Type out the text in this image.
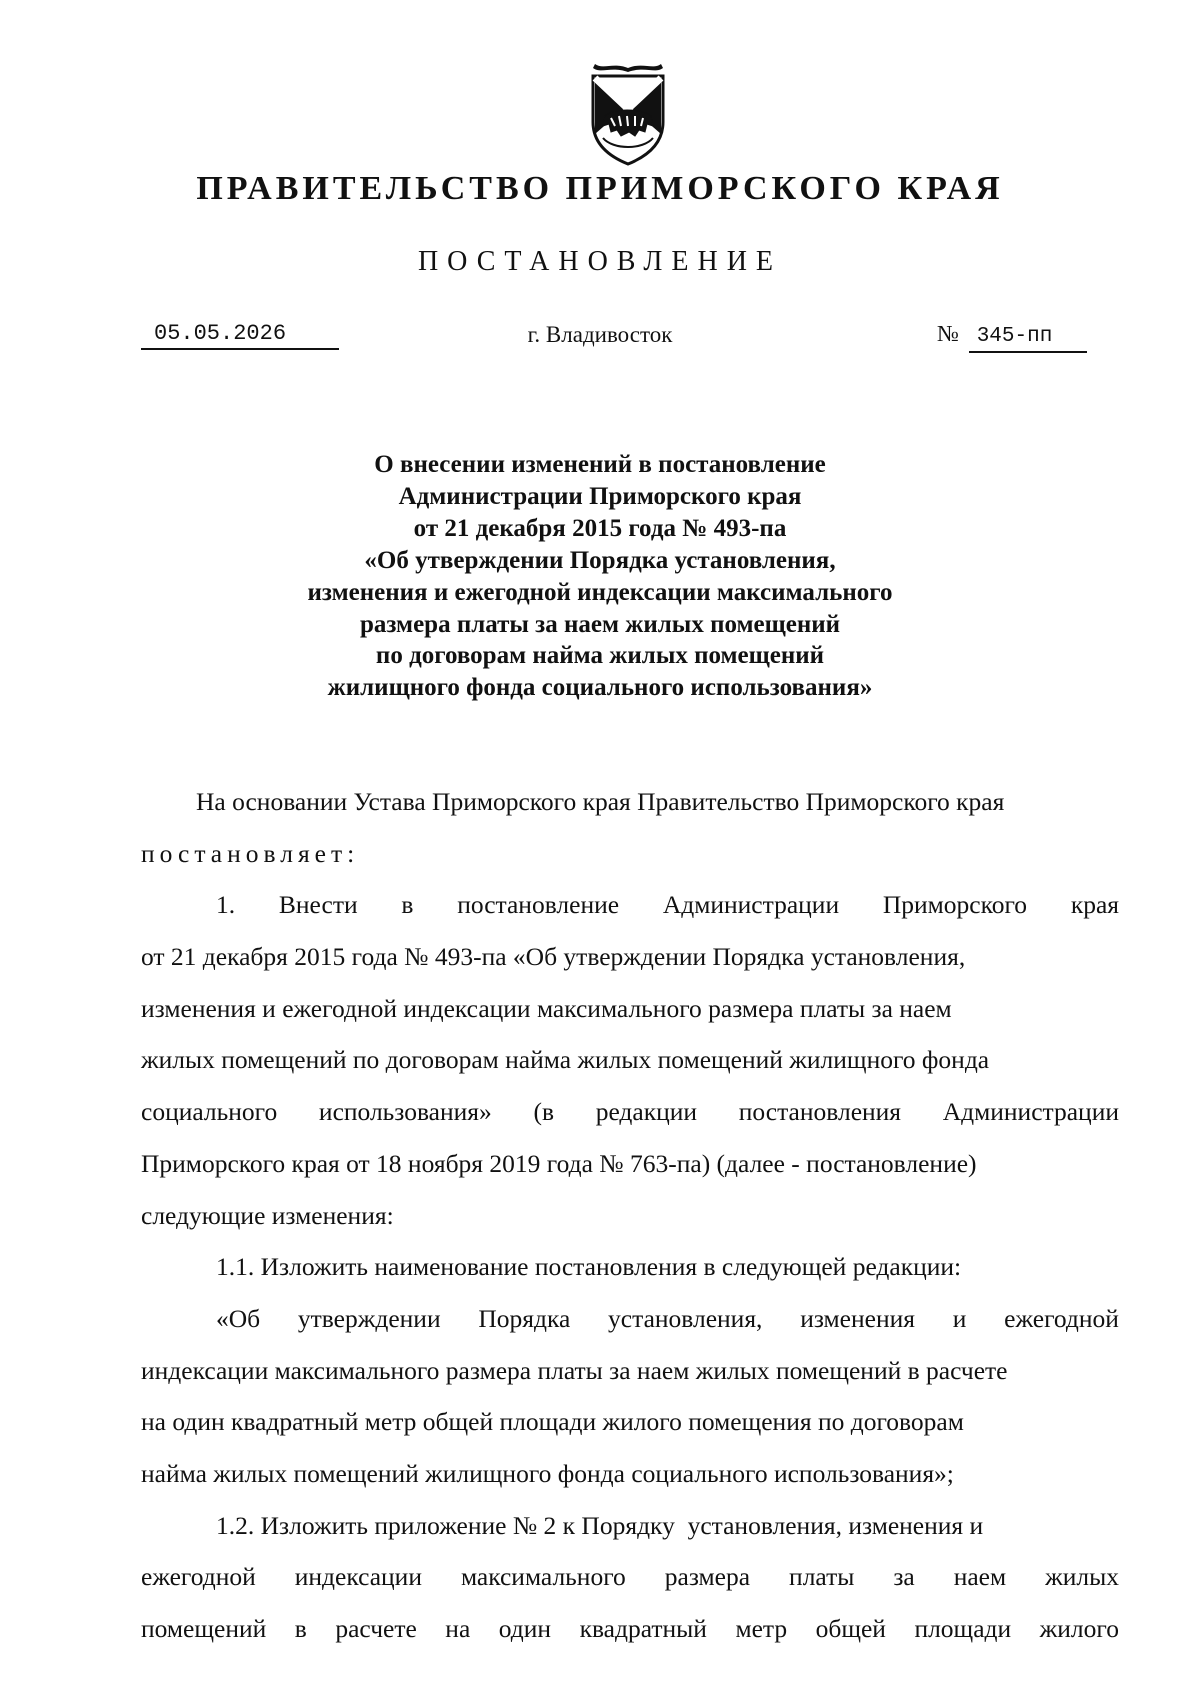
ПРАВИТЕЛЬСТВО ПРИМОРСКОГО КРАЯ
ПОСТАНОВЛЕНИЕ
05.05.2026	г. Владивосток	№ 345-пп
О внесении изменений в постановление
Администрации Приморского края
от 21 декабря 2015 года № 493-па
«Об утверждении Порядка установления,
изменения и ежегодной индексации максимального
размера платы за наем жилых помещений
по договорам найма жилых помещений
жилищного фонда социального использования»
На основании Устава Приморского края Правительство Приморского края
постановляет:
1. Внести в постановление Администрации Приморского края
от 21 декабря 2015 года № 493-па «Об утверждении Порядка установления,
изменения и ежегодной индексации максимального размера платы за наем
жилых помещений по договорам найма жилых помещений жилищного фонда
социального использования» (в редакции постановления Администрации
Приморского края от 18 ноября 2019 года № 763-па) (далее - постановление)
следующие изменения:
1.1. Изложить наименование постановления в следующей редакции:
«Об утверждении Порядка установления, изменения и ежегодной
индексации максимального размера платы за наем жилых помещений в расчете
на один квадратный метр общей площади жилого помещения по договорам
найма жилых помещений жилищного фонда социального использования»;
1.2. Изложить приложение № 2 к Порядку  установления, изменения и
ежегодной индексации максимального размера платы за наем жилых
помещений в расчете на один квадратный метр общей площади жилого
